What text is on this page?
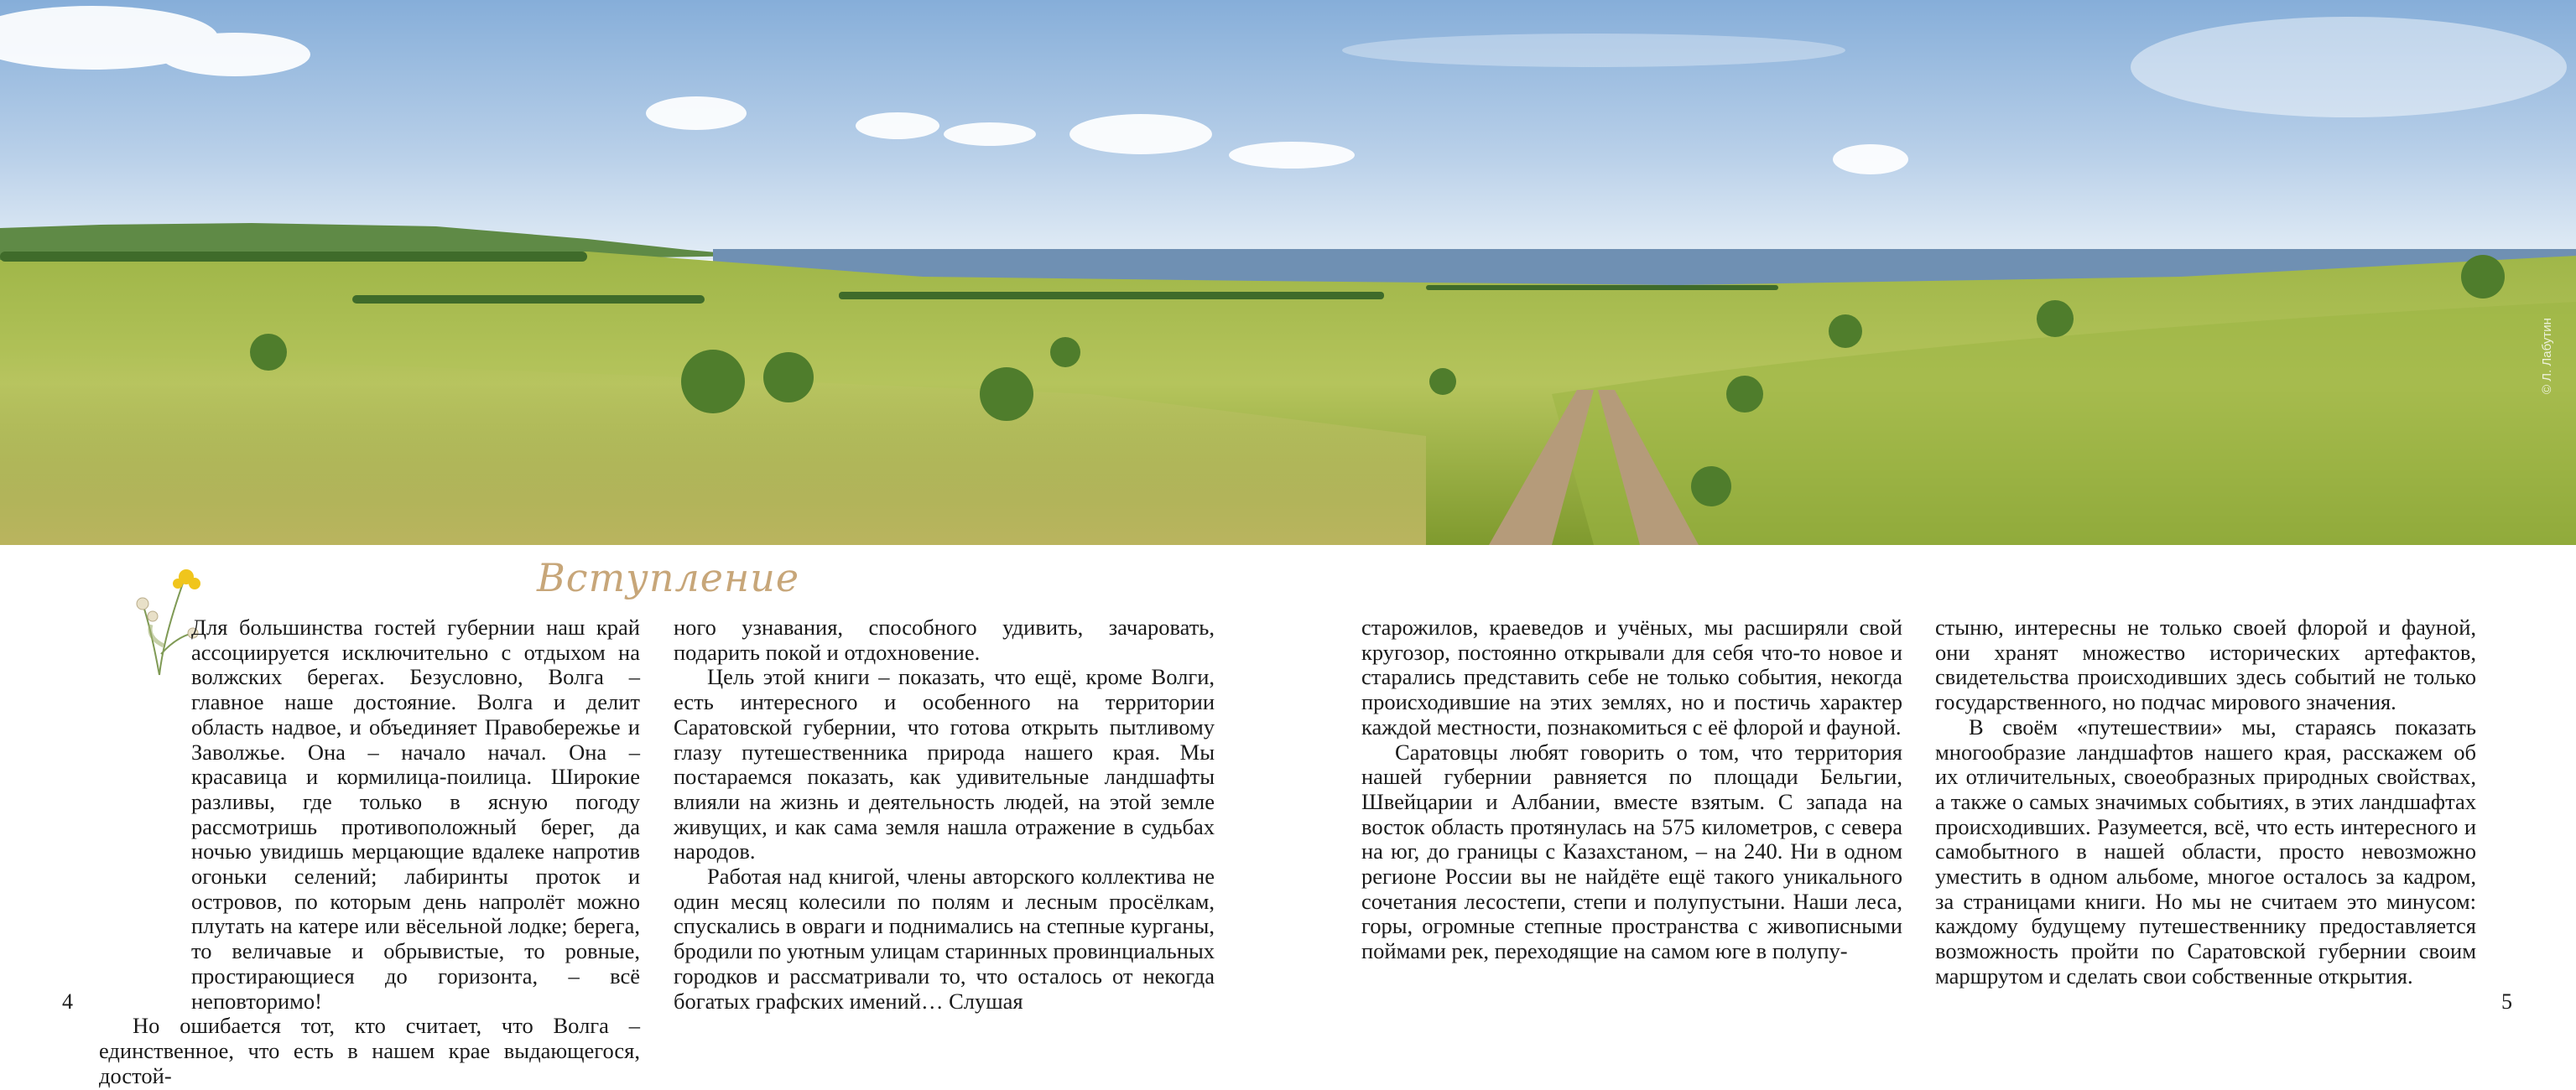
© Л. Лабутин
Вступление

Для большинства гостей губернии наш край ассоциируется исключительно с отдыхом на волжских берегах. Безусловно, Волга – главное наше достояние. Волга и делит область надвое, и объединяет Правобережье и Заволжье. Она – начало начал. Она – красавица и кормилица-поилица. Широкие разливы, где только в ясную погоду рассмотришь противоположный берег, да ночью увидишь мерцающие вдалеке напротив огоньки селений; лабиринты проток и островов, по которым день напролёт можно плутать на катере или вёсельной лодке; берега, то величавые и обрывистые, то ровные, простирающиеся до горизонта, – всё неповторимо!

Но ошибается тот, кто считает, что Волга – единственное, что есть в нашем крае выдающегося, достой-

ного узнавания, способного удивить, зачаровать, подарить покой и отдохновение.

Цель этой книги – показать, что ещё, кроме Волги, есть интересного и особенного на территории Саратовской губернии, что готова открыть пытливому глазу путешественника природа нашего края. Мы постараемся показать, как удивительные ландшафты влияли на жизнь и деятельность людей, на этой земле живущих, и как сама земля нашла отражение в судьбах народов.

Работая над книгой, члены авторского коллектива не один месяц колесили по полям и лесным просёлкам, спускались в овраги и поднимались на степные курганы, бродили по уютным улицам старинных провинциальных городков и рассматривали то, что осталось от некогда богатых графских имений… Слушая

старожилов, краеведов и учёных, мы расширяли свой кругозор, постоянно открывали для себя что-то новое и старались представить себе не только события, некогда происходившие на этих землях, но и постичь характер каждой местности, познакомиться с её флорой и фауной.

Саратовцы любят говорить о том, что территория нашей губернии равняется по площади Бельгии, Швейцарии и Албании, вместе взятым. С запада на восток область протянулась на 575 километров, с севера на юг, до границы с Казахстаном, – на 240. Ни в одном регионе России вы не найдёте ещё такого уникального сочетания лесостепи, степи и полупустыни. Наши леса, горы, огромные степные пространства с живописными поймами рек, переходящие на самом юге в полупу-

стыню, интересны не только своей флорой и фауной, они хранят множество исторических артефактов, свидетельства происходивших здесь событий не только государственного, но подчас мирового значения.

В своём «путешествии» мы, стараясь показать многообразие ландшафтов нашего края, расскажем об их отличительных, своеобразных природных свойствах, а также о самых значимых событиях, в этих ландшафтах происходивших. Разумеется, всё, что есть интересного и самобытного в нашей области, просто невозможно уместить в одном альбоме, многое осталось за кадром, за страницами книги. Но мы не считаем это минусом: каждому будущему путешественнику предоставляется возможность пройти по Саратовской губернии своим маршрутом и сделать свои собственные открытия.

4	5
